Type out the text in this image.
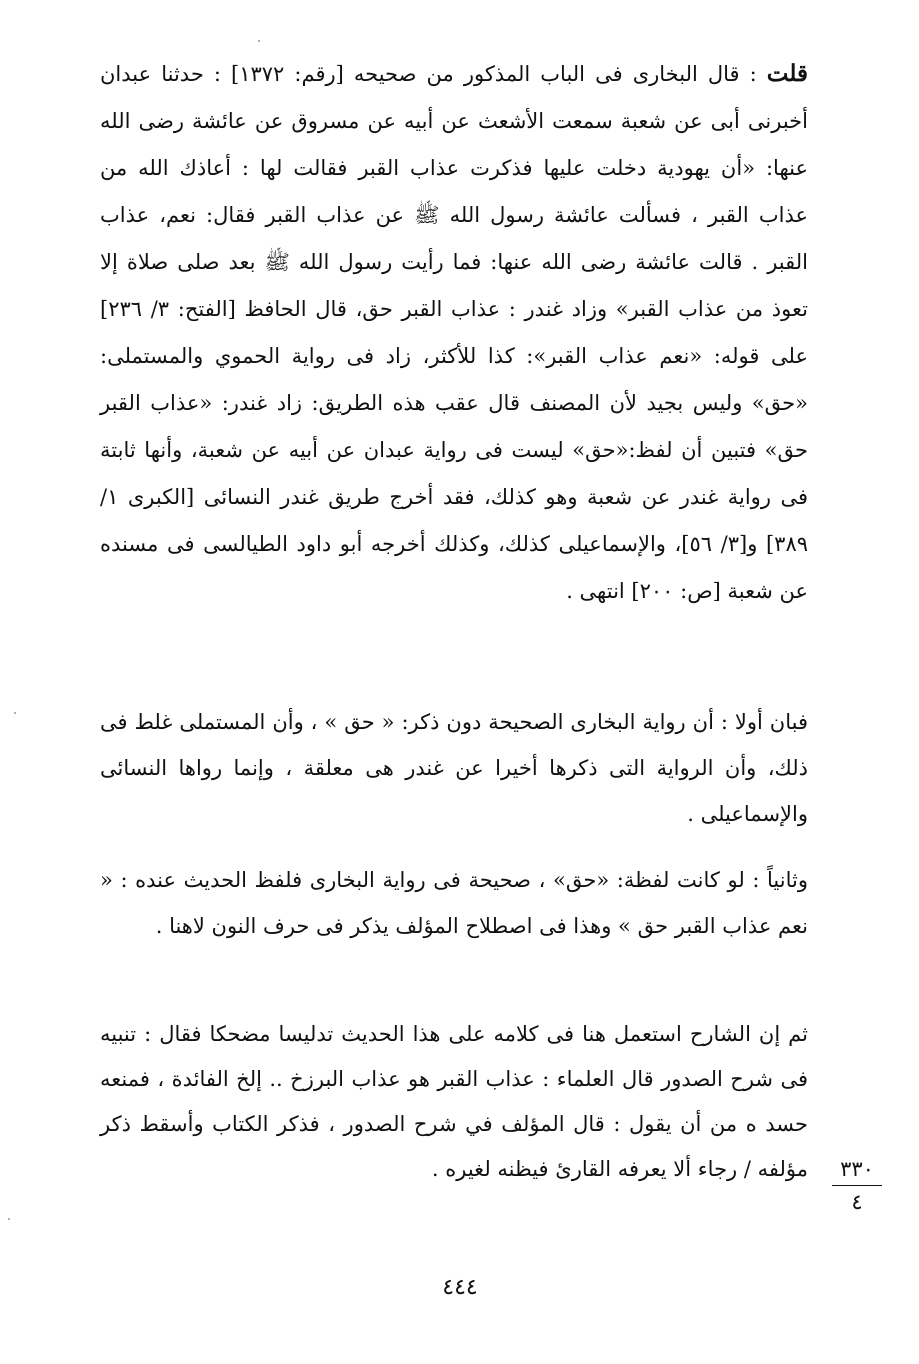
قلت : قال البخارى فى الباب المذكور من صحيحه [رقم: ١٣٧٢] : حدثنا عبدان أخبرنى أبى عن شعبة سمعت الأشعث عن أبيه عن مسروق عن عائشة رضى الله عنها: «أن يهودية دخلت عليها فذكرت عذاب القبر فقالت لها : أعاذك الله من عذاب القبر ، فسألت عائشة رسول الله ﷺ عن عذاب القبر فقال: نعم، عذاب القبر . قالت عائشة رضى الله عنها: فما رأيت رسول الله ﷺ بعد صلى صلاة إلا تعوذ من عذاب القبر» وزاد غندر : عذاب القبر حق، قال الحافظ [الفتح: ٣/ ٢٣٦] على قوله: «نعم عذاب القبر»: كذا للأكثر، زاد فى رواية الحموي والمستملى: «حق» وليس بجيد لأن المصنف قال عقب هذه الطريق: زاد غندر: «عذاب القبر حق» فتبين أن لفظ:«حق» ليست فى رواية عبدان عن أبيه عن شعبة، وأنها ثابتة فى رواية غندر عن شعبة وهو كذلك، فقد أخرج طريق غندر النسائى [الكبرى ١/ ٣٨٩] و[٣/ ٥٦]، والإسماعيلى كذلك، وكذلك أخرجه أبو داود الطيالسى فى مسنده عن شعبة [ص: ٢٠٠] انتهى .

فبان أولا : أن رواية البخارى الصحيحة دون ذكر: « حق » ، وأن المستملى غلط فى ذلك، وأن الرواية التى ذكرها أخيرا عن غندر هى معلقة ، وإنما رواها النسائى والإسماعيلى .

وثانياً : لو كانت لفظة: «حق» ، صحيحة فى رواية البخارى فلفظ الحديث عنده : « نعم عذاب القبر حق » وهذا فى اصطلاح المؤلف يذكر فى حرف النون لاهنا .

ثم إن الشارح استعمل هنا فى كلامه على هذا الحديث تدليسا مضحكا فقال : تنبيه فى شرح الصدور قال العلماء : عذاب القبر هو عذاب البرزخ .. إلخ الفائدة ، فمنعه حسد ه من أن يقول : قال المؤلف في شرح الصدور ، فذكر الكتاب وأسقط ذكر مؤلفه / رجاء ألا يعرفه القارئ فيظنه لغيره .	٣٣٠
٤
٤٤٤
